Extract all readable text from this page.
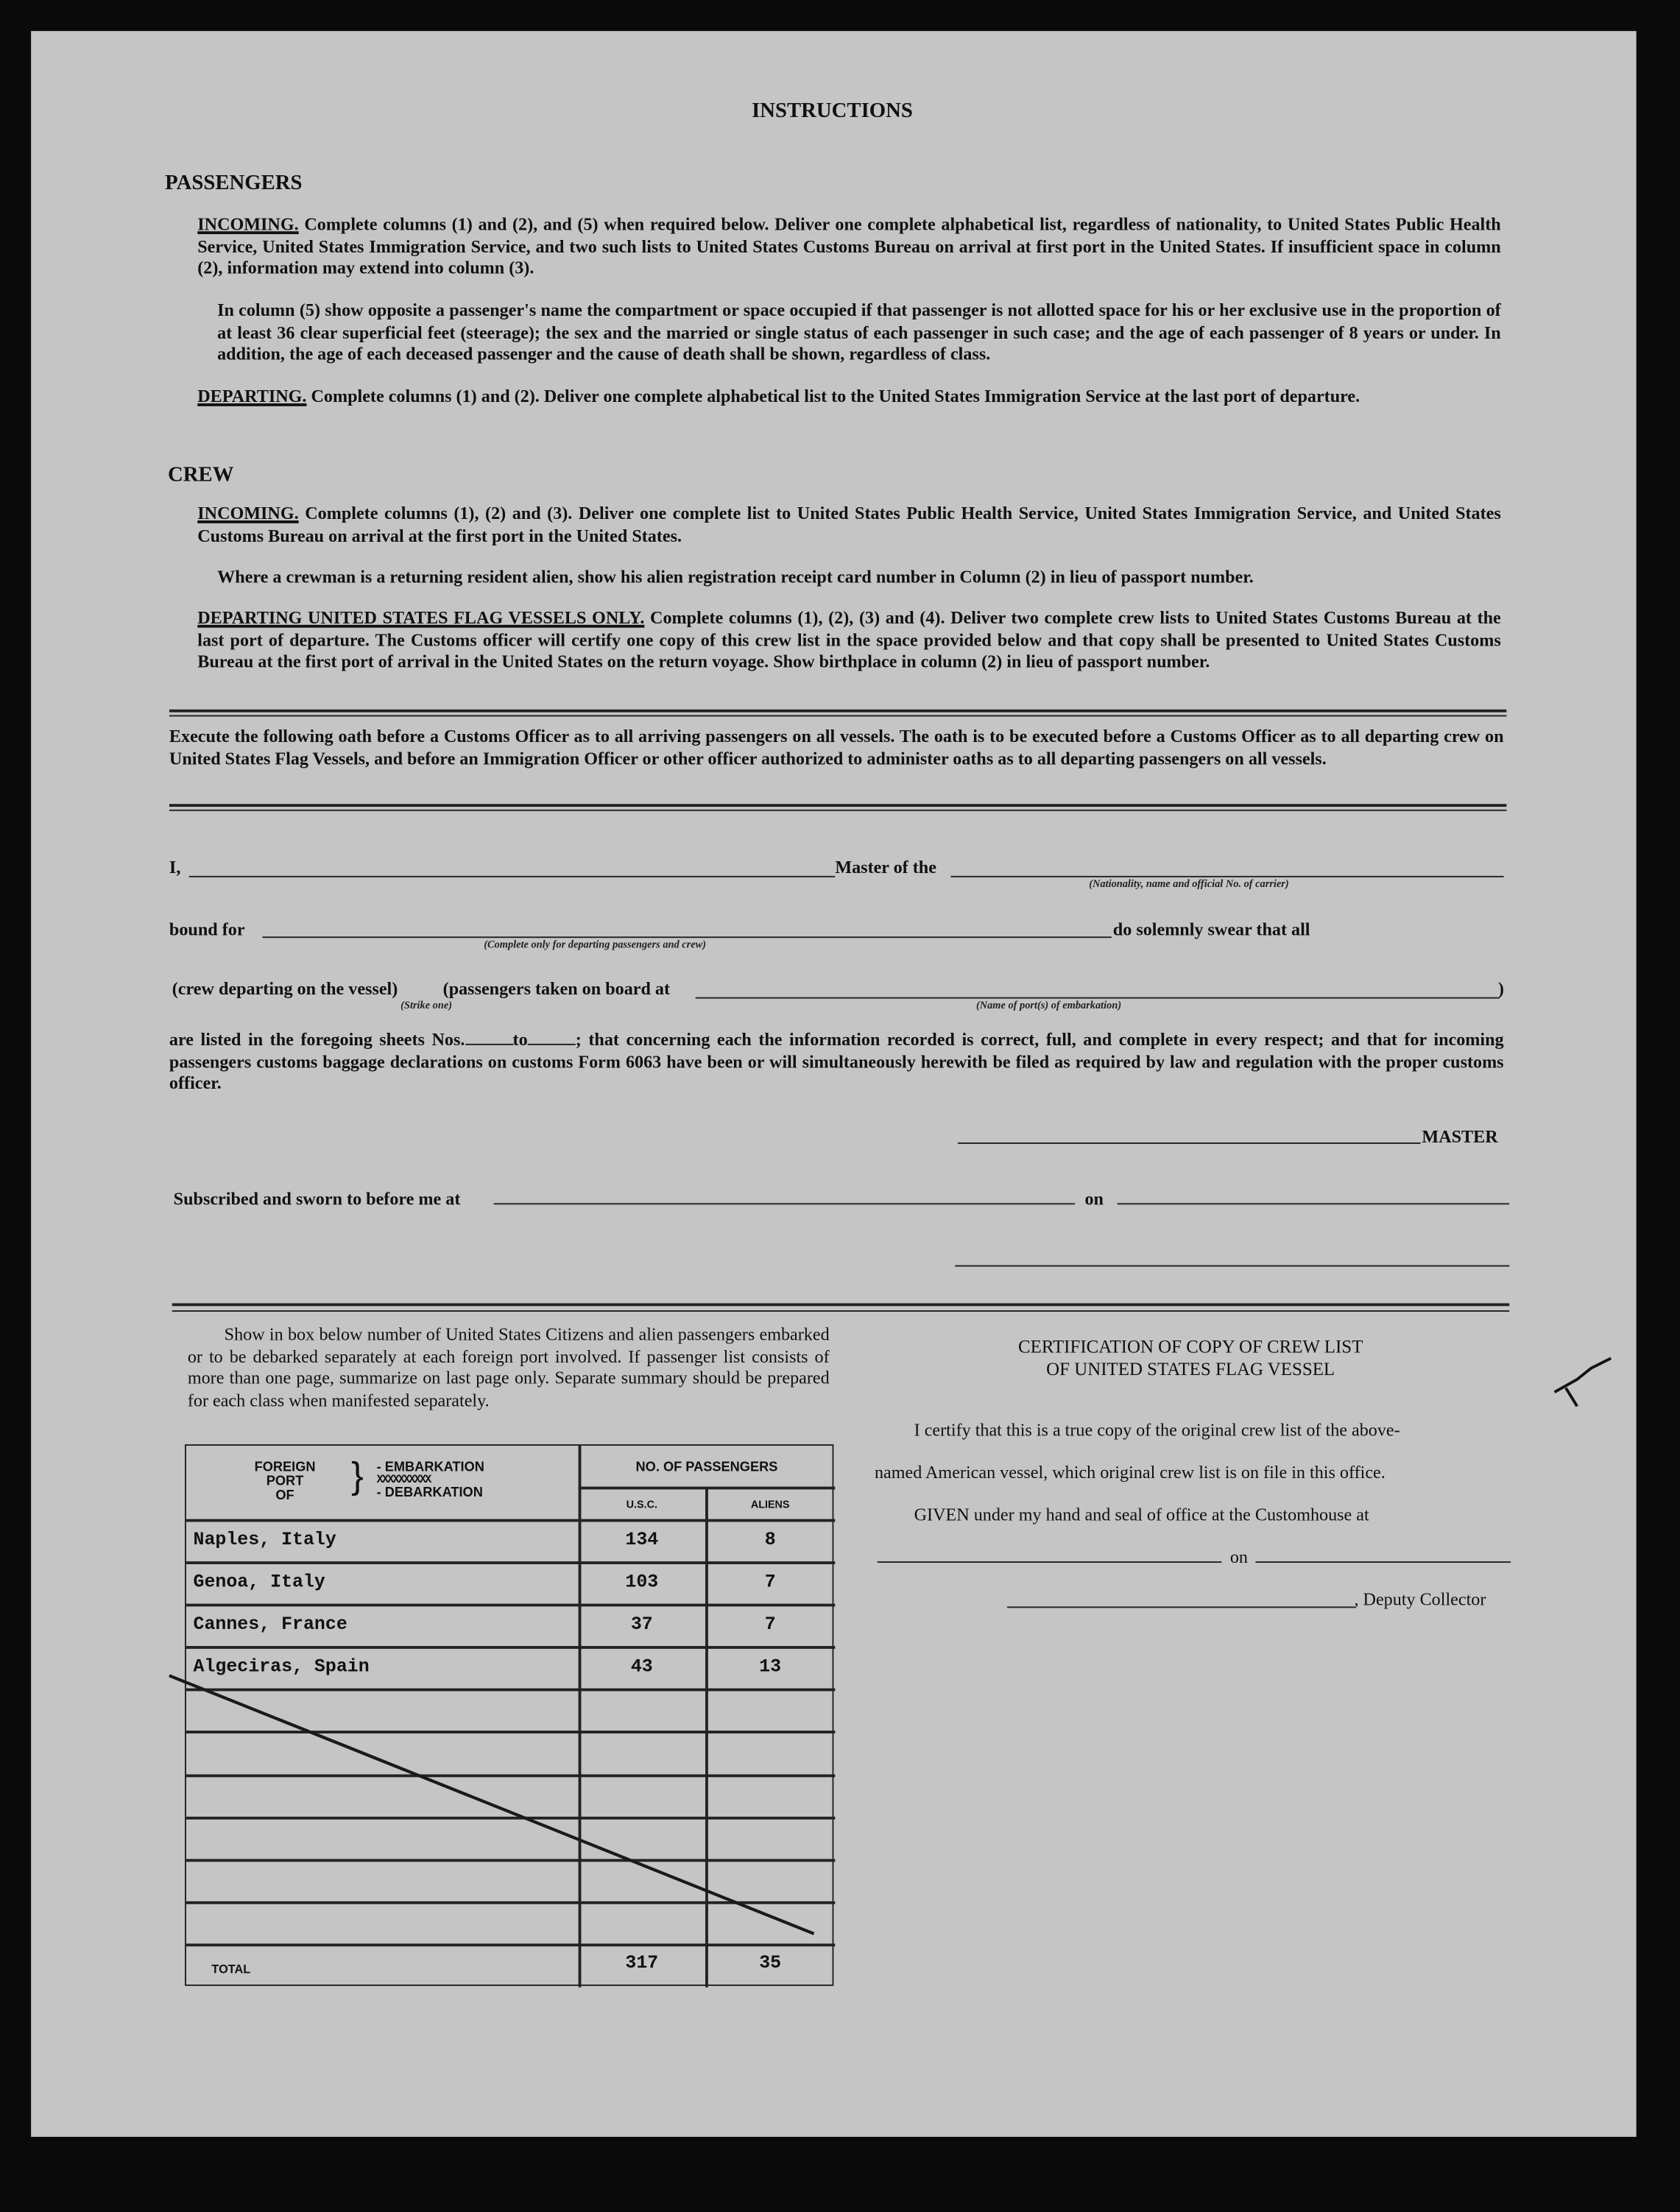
INSTRUCTIONS
PASSENGERS
INCOMING. Complete columns (1) and (2), and (5) when required below. Deliver one complete alphabetical list, regardless of nationality, to United States Public Health Service, United States Immigration Service, and two such lists to United States Customs Bureau on arrival at first port in the United States. If insufficient space in column (2), information may extend into column (3).
In column (5) show opposite a passenger's name the compartment or space occupied if that passenger is not allotted space for his or her exclusive use in the proportion of at least 36 clear superficial feet (steerage); the sex and the married or single status of each passenger in such case; and the age of each passenger of 8 years or under. In addition, the age of each deceased passenger and the cause of death shall be shown, regardless of class.
DEPARTING. Complete columns (1) and (2). Deliver one complete alphabetical list to the United States Immigration Service at the last port of departure.
CREW
INCOMING. Complete columns (1), (2) and (3). Deliver one complete list to United States Public Health Service, United States Immigration Service, and United States Customs Bureau on arrival at the first port in the United States.
Where a crewman is a returning resident alien, show his alien registration receipt card number in Column (2) in lieu of passport number.
DEPARTING UNITED STATES FLAG VESSELS ONLY. Complete columns (1), (2), (3) and (4). Deliver two complete crew lists to United States Customs Bureau at the last port of departure. The Customs officer will certify one copy of this crew list in the space provided below and that copy shall be presented to United States Customs Bureau at the first port of arrival in the United States on the return voyage. Show birthplace in column (2) in lieu of passport number.
Execute the following oath before a Customs Officer as to all arriving passengers on all vessels. The oath is to be executed before a Customs Officer as to all departing crew on United States Flag Vessels, and before an Immigration Officer or other officer authorized to administer oaths as to all departing passengers on all vessels.
I,	Master of the
(Nationality, name and official No. of carrier)
bound for
(Complete only for departing passengers and crew)
do solemnly swear that all
(crew departing on the vessel)	(passengers taken on board at	)
(Strike one)	(Name of port(s) of embarkation)
are listed in the foregoing sheets Nos.	to	; that concerning each the information recorded is correct, full, and complete in every respect; and that for incoming passengers customs baggage declarations on customs Form 6063 have been or will simultaneously herewith be filed as required by law and regulation with the proper customs officer.
MASTER
Subscribed and sworn to before me at	on
Show in box below number of United States Citizens and alien passengers embarked or to be debarked separately at each foreign port involved. If passenger list consists of more than one page, summarize on last page only. Separate summary should be prepared for each class when manifested separately.
FOREIGN
PORT
OF	} - EMBARKATION
XXXXXXXXXX
- DEBARKATION
NO. OF PASSENGERS
U.S.C.	ALIENS
Naples, Italy	134	8
Genoa, Italy	103	7
Cannes, France	37	7
Algeciras, Spain	43	13
TOTAL	317	35
CERTIFICATION OF COPY OF CREW LIST
OF UNITED STATES FLAG VESSEL
I certify that this is a true copy of the original crew list of the above-
named American vessel, which original crew list is on file in this office.
GIVEN under my hand and seal of office at the Customhouse at
on
, Deputy Collector
